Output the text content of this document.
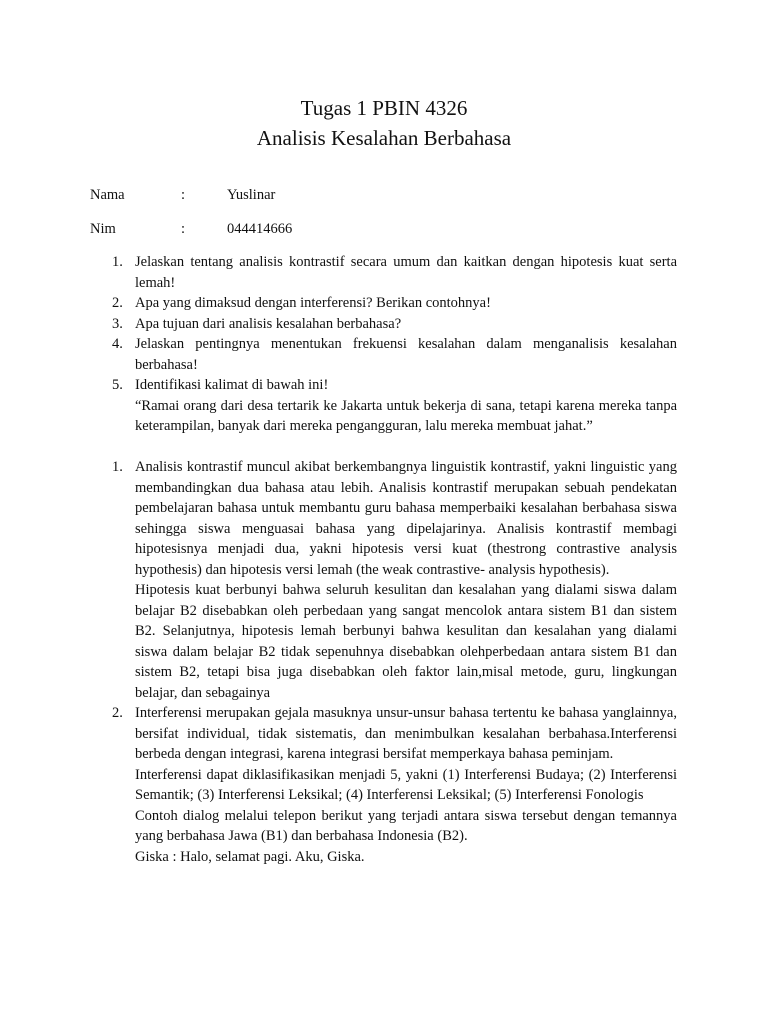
Tugas 1 PBIN 4326
Analisis Kesalahan Berbahasa
Nama	:	Yuslinar
Nim	:	044414666
1. Jelaskan tentang analisis kontrastif secara umum dan kaitkan dengan hipotesis kuat serta lemah!

2. Apa yang dimaksud dengan interferensi? Berikan contohnya!

3. Apa tujuan dari analisis kesalahan berbahasa?

4. Jelaskan pentingnya menentukan frekuensi kesalahan dalam menganalisis kesalahan berbahasa!

5. Identifikasi kalimat di bawah ini!

“Ramai orang dari desa tertarik ke Jakarta untuk bekerja di sana, tetapi karena mereka tanpa keterampilan, banyak dari mereka pengangguran, lalu mereka membuat jahat.”

1. Analisis kontrastif muncul akibat berkembangnya linguistik kontrastif, yakni linguistic yang membandingkan dua bahasa atau lebih. Analisis kontrastif merupakan sebuah pendekatan pembelajaran bahasa untuk membantu guru bahasa memperbaiki kesalahan berbahasa siswa sehingga siswa menguasai bahasa yang dipelajarinya. Analisis kontrastif membagi hipotesisnya menjadi dua, yakni hipotesis versi kuat (thestrong contrastive analysis hypothesis) dan hipotesis versi lemah (the weak contrastive- analysis hypothesis).

Hipotesis kuat berbunyi bahwa seluruh kesulitan dan kesalahan yang dialami siswa dalam belajar B2 disebabkan oleh perbedaan yang sangat mencolok antara sistem B1 dan sistem B2. Selanjutnya, hipotesis lemah berbunyi bahwa kesulitan dan kesalahan yang dialami siswa dalam belajar B2 tidak sepenuhnya disebabkan olehperbedaan antara sistem B1 dan sistem B2, tetapi bisa juga disebabkan oleh faktor lain,misal metode, guru, lingkungan belajar, dan sebagainya

2. Interferensi merupakan gejala masuknya unsur-unsur bahasa tertentu ke bahasa yanglainnya, bersifat individual, tidak sistematis, dan menimbulkan kesalahan berbahasa.Interferensi berbeda dengan integrasi, karena integrasi bersifat memperkaya bahasa peminjam.

Interferensi dapat diklasifikasikan menjadi 5, yakni (1) Interferensi Budaya; (2) Interferensi Semantik; (3) Interferensi Leksikal; (4) Interferensi Leksikal; (5) Interferensi Fonologis

Contoh dialog melalui telepon berikut yang terjadi antara siswa tersebut dengan temannya yang berbahasa Jawa (B1) dan berbahasa Indonesia (B2).

Giska : Halo, selamat pagi. Aku, Giska.
